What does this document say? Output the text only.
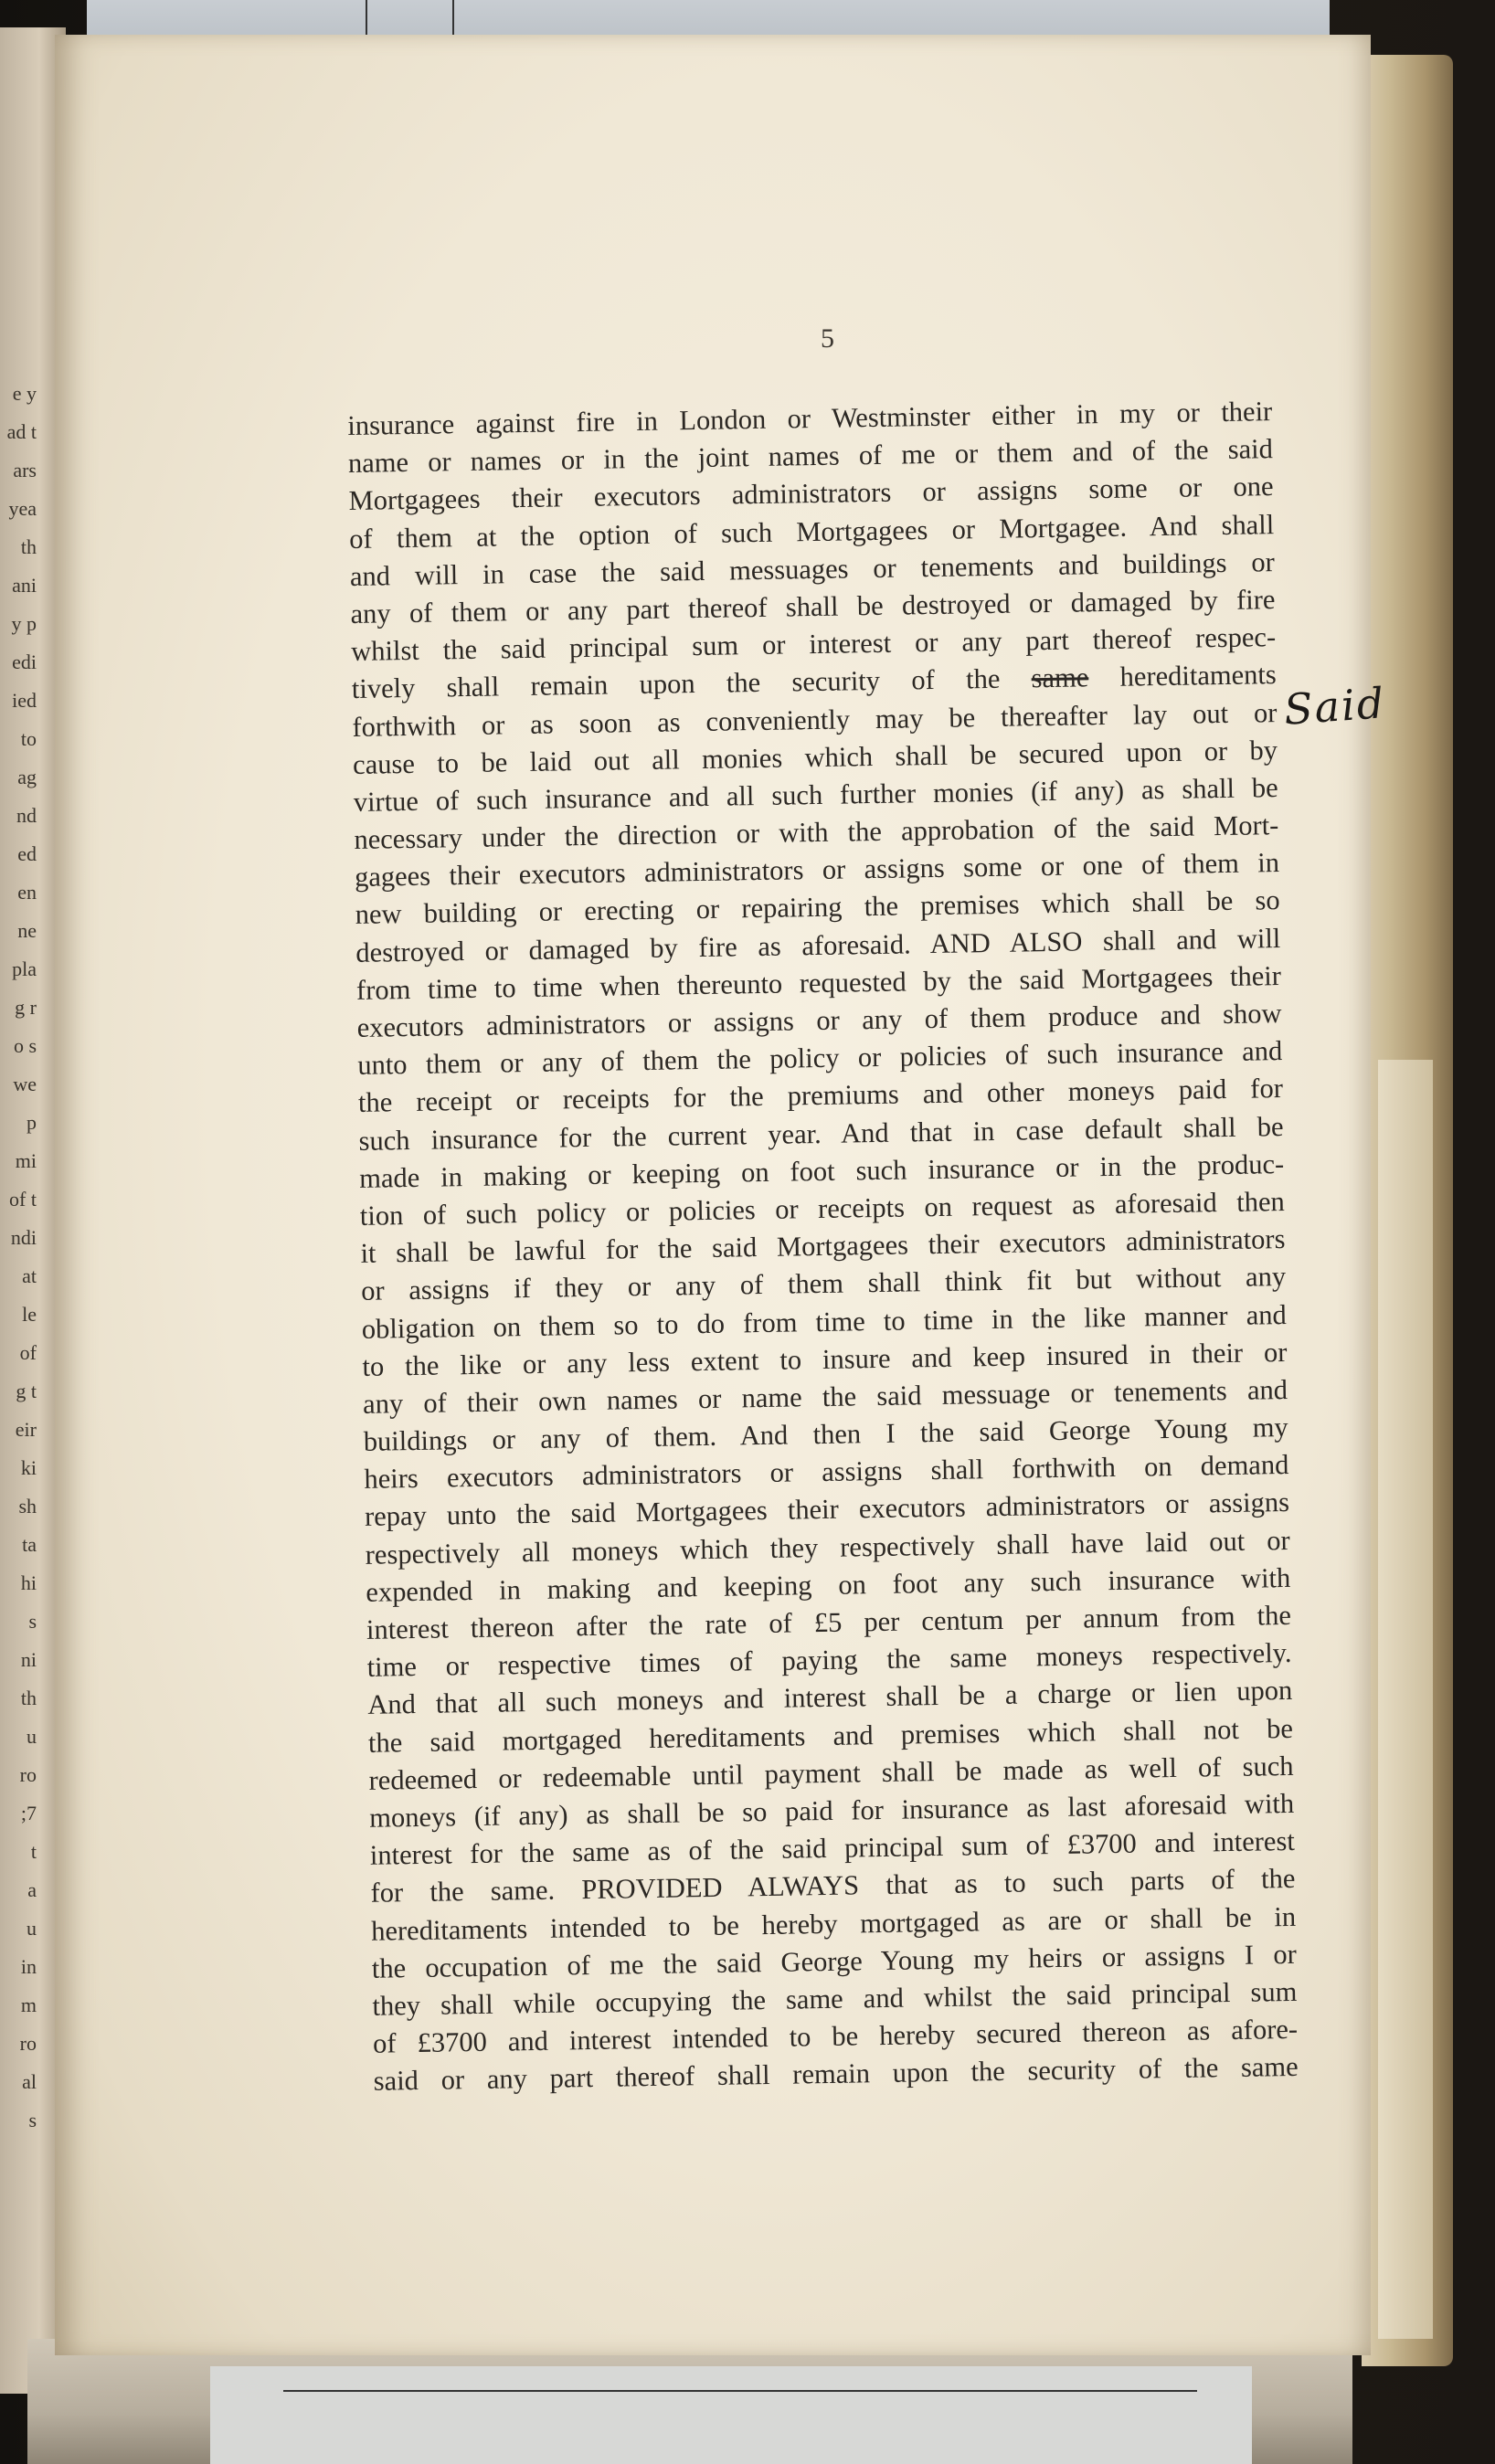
e y
ad t
ars
yea
th
ani
y p
edi
ied
to
ag
nd
ed
en
ne
pla
g r
o s
we
p
mi
of t
ndi
at
le
of
g t
eir
ki
sh
ta
hi
s
ni
th
u
ro
;7
t
a
u
in
m
ro
al
s
5
insurance against fire in London or Westminster either in my or their
name or names or in the joint names of me or them and of the said
Mortgagees their executors administrators or assigns some or one
of them at the option of such Mortgagees or Mortgagee. And shall
and will in case the said messuages or tenements and buildings or
any of them or any part thereof shall be destroyed or damaged by fire
whilst the said principal sum or interest or any part thereof respec-
tively shall remain upon the security of the same hereditaments
forthwith or as soon as conveniently may be thereafter lay out or
cause to be laid out all monies which shall be secured upon or by
virtue of such insurance and all such further monies (if any) as shall be
necessary under the direction or with the approbation of the said Mort-
gagees their executors administrators or assigns some or one of them in
new building or erecting or repairing the premises which shall be so
destroyed or damaged by fire as aforesaid. AND ALSO shall and will
from time to time when thereunto requested by the said Mortgagees their
executors administrators or assigns or any of them produce and show
unto them or any of them the policy or policies of such insurance and
the receipt or receipts for the premiums and other moneys paid for
such insurance for the current year. And that in case default shall be
made in making or keeping on foot such insurance or in the produc-
tion of such policy or policies or receipts on request as aforesaid then
it shall be lawful for the said Mortgagees their executors administrators
or assigns if they or any of them shall think fit but without any
obligation on them so to do from time to time in the like manner and
to the like or any less extent to insure and keep insured in their or
any of their own names or name the said messuage or tenements and
buildings or any of them. And then I the said George Young my
heirs executors administrators or assigns shall forthwith on demand
repay unto the said Mortgagees their executors administrators or assigns
respectively all moneys which they respectively shall have laid out or
expended in making and keeping on foot any such insurance with
interest thereon after the rate of £5 per centum per annum from the
time or respective times of paying the same moneys respectively.
And that all such moneys and interest shall be a charge or lien upon
the said mortgaged hereditaments and premises which shall not be
redeemed or redeemable until payment shall be made as well of such
moneys (if any) as shall be so paid for insurance as last aforesaid with
interest for the same as of the said principal sum of £3700 and interest
for the same. PROVIDED ALWAYS that as to such parts of the
hereditaments intended to be hereby mortgaged as are or shall be in
the occupation of me the said George Young my heirs or assigns I or
they shall while occupying the same and whilst the said principal sum
of £3700 and interest intended to be hereby secured thereon as afore-
said or any part thereof shall remain upon the security of the same
Said
